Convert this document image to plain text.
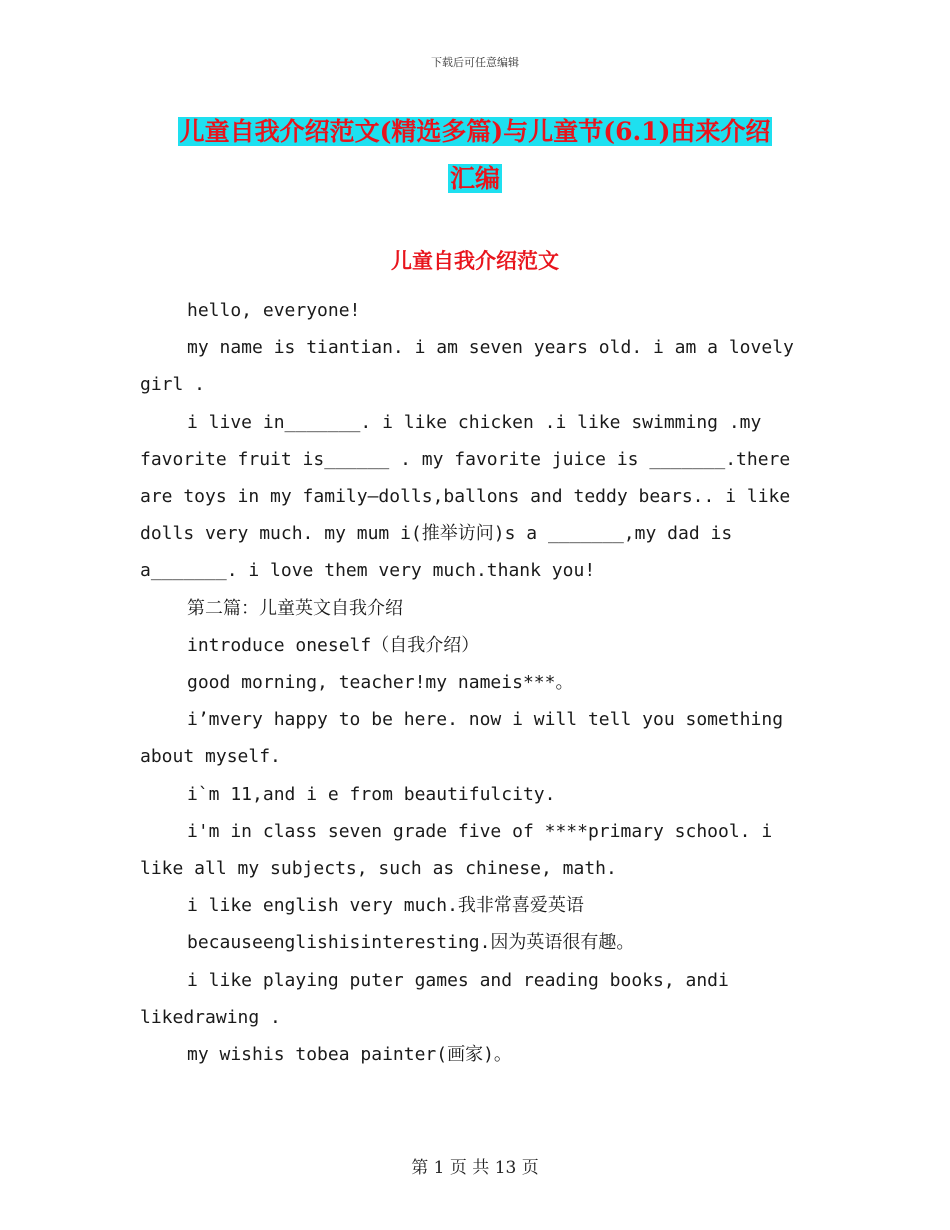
下载后可任意编辑
儿童自我介绍范文(精选多篇)与儿童节(6.1)由来介绍
汇编
儿童自我介绍范文

hello, everyone!

my name is tiantian. i am seven years old. i am a lovely girl .

i live in_______. i like chicken .i like swimming .my favorite fruit is______ . my favorite juice is _______.there are toys in my family—dolls,ballons and teddy bears.. i like dolls very much. my mum i(推举访问)s a _______,my dad is a_______. i love them very much.thank you!

第二篇：儿童英文自我介绍

introduce oneself（自我介绍）

good morning, teacher!my nameis***。

i’mvery happy to be here. now i will tell you something about myself.

i`m 11,and i e from beautifulcity.

i'm in class seven grade five of ****primary school. i like all my subjects, such as chinese, math.

i like english very much.我非常喜爱英语

becauseenglishisinteresting.因为英语很有趣。

i like playing puter games and reading books, andi likedrawing .

my wishis tobea painter(画家)。

第 1 页 共 13 页
